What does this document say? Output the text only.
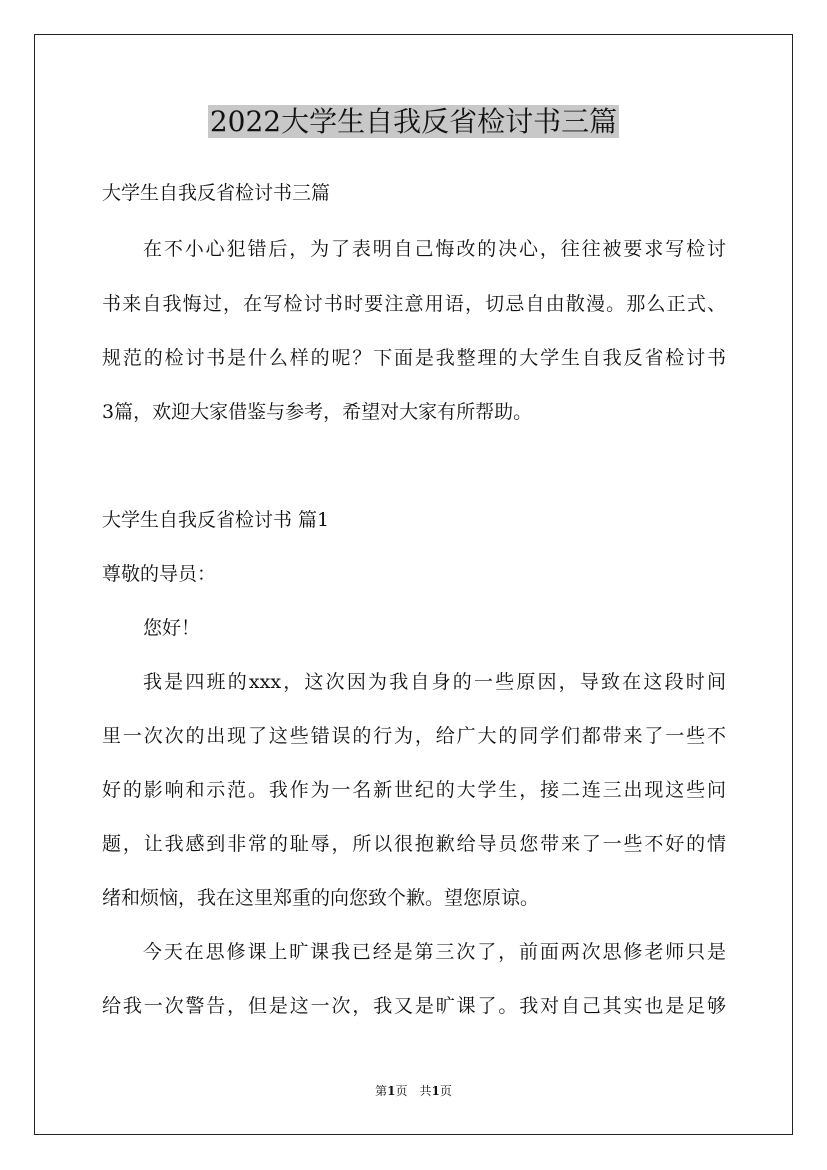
2022大学生自我反省检讨书三篇
大学生自我反省检讨书三篇
在不小心犯错后，为了表明自己悔改的决心，往往被要求写检讨
书来自我悔过，在写检讨书时要注意用语，切忌自由散漫。那么正式、
规范的检讨书是什么样的呢？下面是我整理的大学生自我反省检讨书
3篇，欢迎大家借鉴与参考，希望对大家有所帮助。
大学生自我反省检讨书 篇1
尊敬的导员：
您好！
我是四班的xxx，这次因为我自身的一些原因，导致在这段时间
里一次次的出现了这些错误的行为，给广大的同学们都带来了一些不
好的影响和示范。我作为一名新世纪的大学生，接二连三出现这些问
题，让我感到非常的耻辱，所以很抱歉给导员您带来了一些不好的情
绪和烦恼，我在这里郑重的向您致个歉。望您原谅。
今天在思修课上旷课我已经是第三次了，前面两次思修老师只是
给我一次警告，但是这一次，我又是旷课了。我对自己其实也是足够
第1页　共1页
